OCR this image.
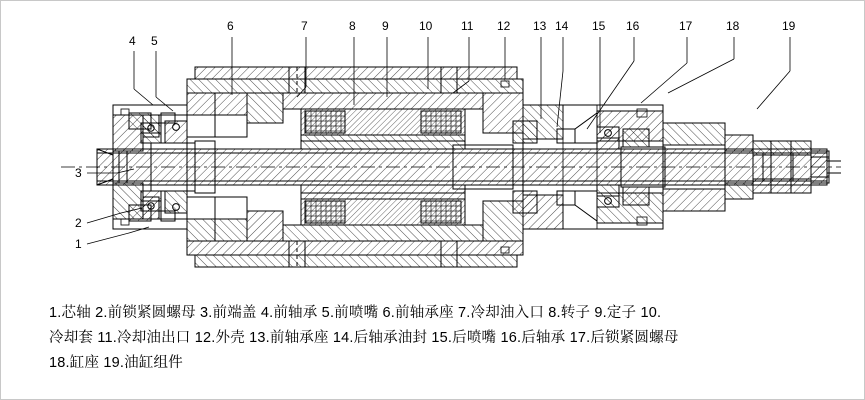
1
2
3
4 5
6	7	8 9	10 11 12 13 14 15 16	17	18	19
1.芯轴 2.前锁紧圆螺母 3.前端盖 4.前轴承 5.前喷嘴 6.前轴承座 7.冷却油入口 8.转子 9.定子 10.
冷却套 11.冷却油出口 12.外壳 13.前轴承座 14.后轴承油封 15.后喷嘴 16.后轴承 17.后锁紧圆螺母
18.缸座 19.油缸组件
